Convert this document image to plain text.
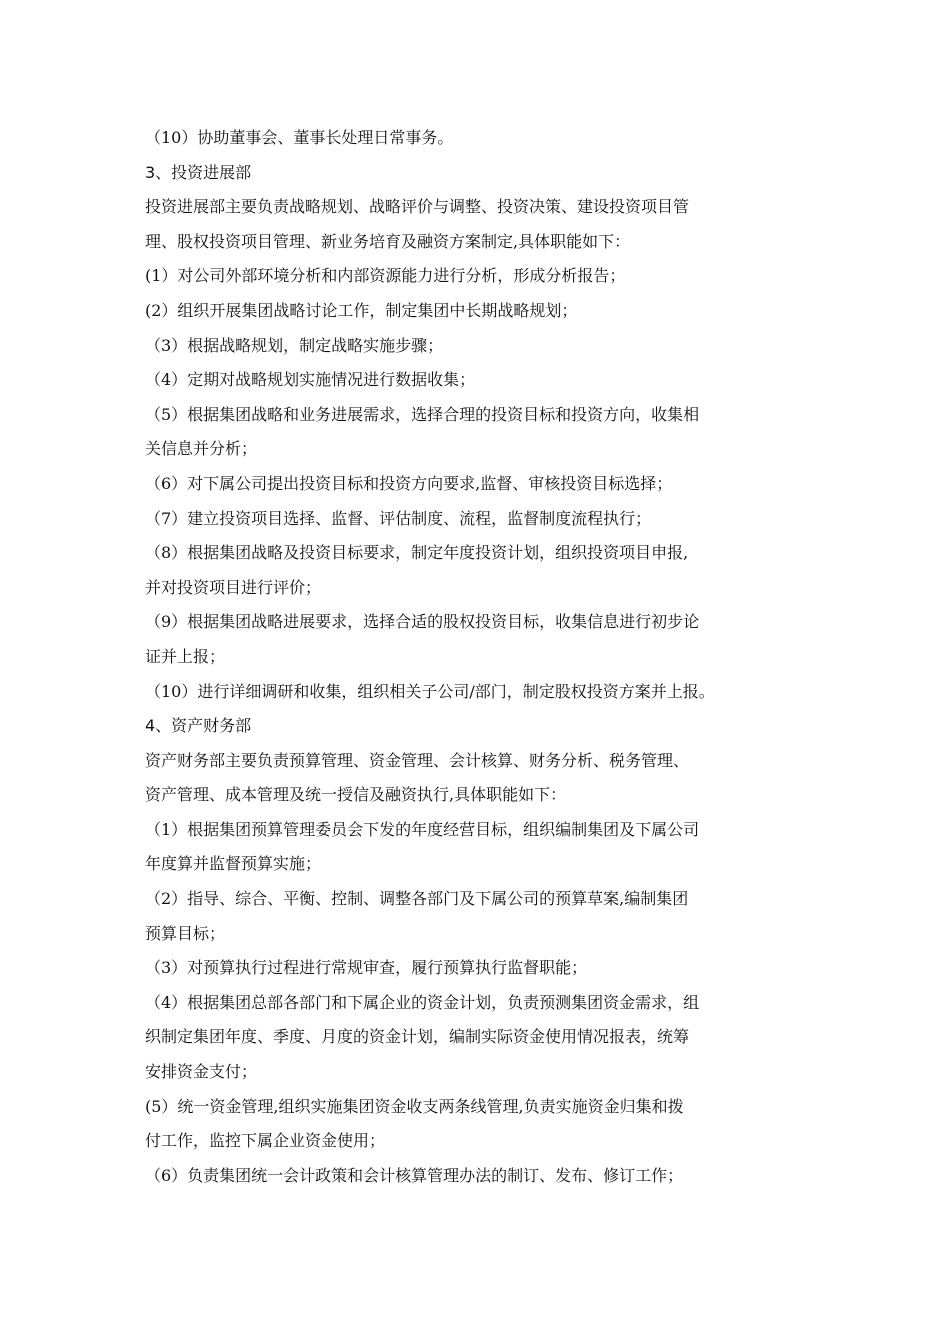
（10）协助董事会、董事长处理日常事务。
3、投资进展部
投资进展部主要负责战略规划、战略评价与调整、投资决策、建设投资项目管
理、股权投资项目管理、新业务培育及融资方案制定,具体职能如下：
(1）对公司外部环境分析和内部资源能力进行分析，形成分析报告；
(2）组织开展集团战略讨论工作，制定集团中长期战略规划；
（3）根据战略规划，制定战略实施步骤；
（4）定期对战略规划实施情况进行数据收集；
（5）根据集团战略和业务进展需求，选择合理的投资目标和投资方向，收集相
关信息并分析；
（6）对下属公司提出投资目标和投资方向要求,监督、审核投资目标选择；
（7）建立投资项目选择、监督、评估制度、流程，监督制度流程执行；
（8）根据集团战略及投资目标要求，制定年度投资计划，组织投资项目申报,
并对投资项目进行评价；
（9）根据集团战略进展要求，选择合适的股权投资目标，收集信息进行初步论
证并上报；
（10）进行详细调研和收集，组织相关子公司/部门，制定股权投资方案并上报。
4、资产财务部
资产财务部主要负责预算管理、资金管理、会计核算、财务分析、税务管理、
资产管理、成本管理及统一授信及融资执行,具体职能如下：
（1）根据集团预算管理委员会下发的年度经营目标，组织编制集团及下属公司
年度算并监督预算实施；
（2）指导、综合、平衡、控制、调整各部门及下属公司的预算草案,编制集团
预算目标；
（3）对预算执行过程进行常规审查，履行预算执行监督职能；
（4）根据集团总部各部门和下属企业的资金计划，负责预测集团资金需求，组
织制定集团年度、季度、月度的资金计划，编制实际资金使用情况报表，统筹
安排资金支付；
(5）统一资金管理,组织实施集团资金收支两条线管理,负责实施资金归集和拨
付工作，监控下属企业资金使用；
（6）负责集团统一会计政策和会计核算管理办法的制订、发布、修订工作；
